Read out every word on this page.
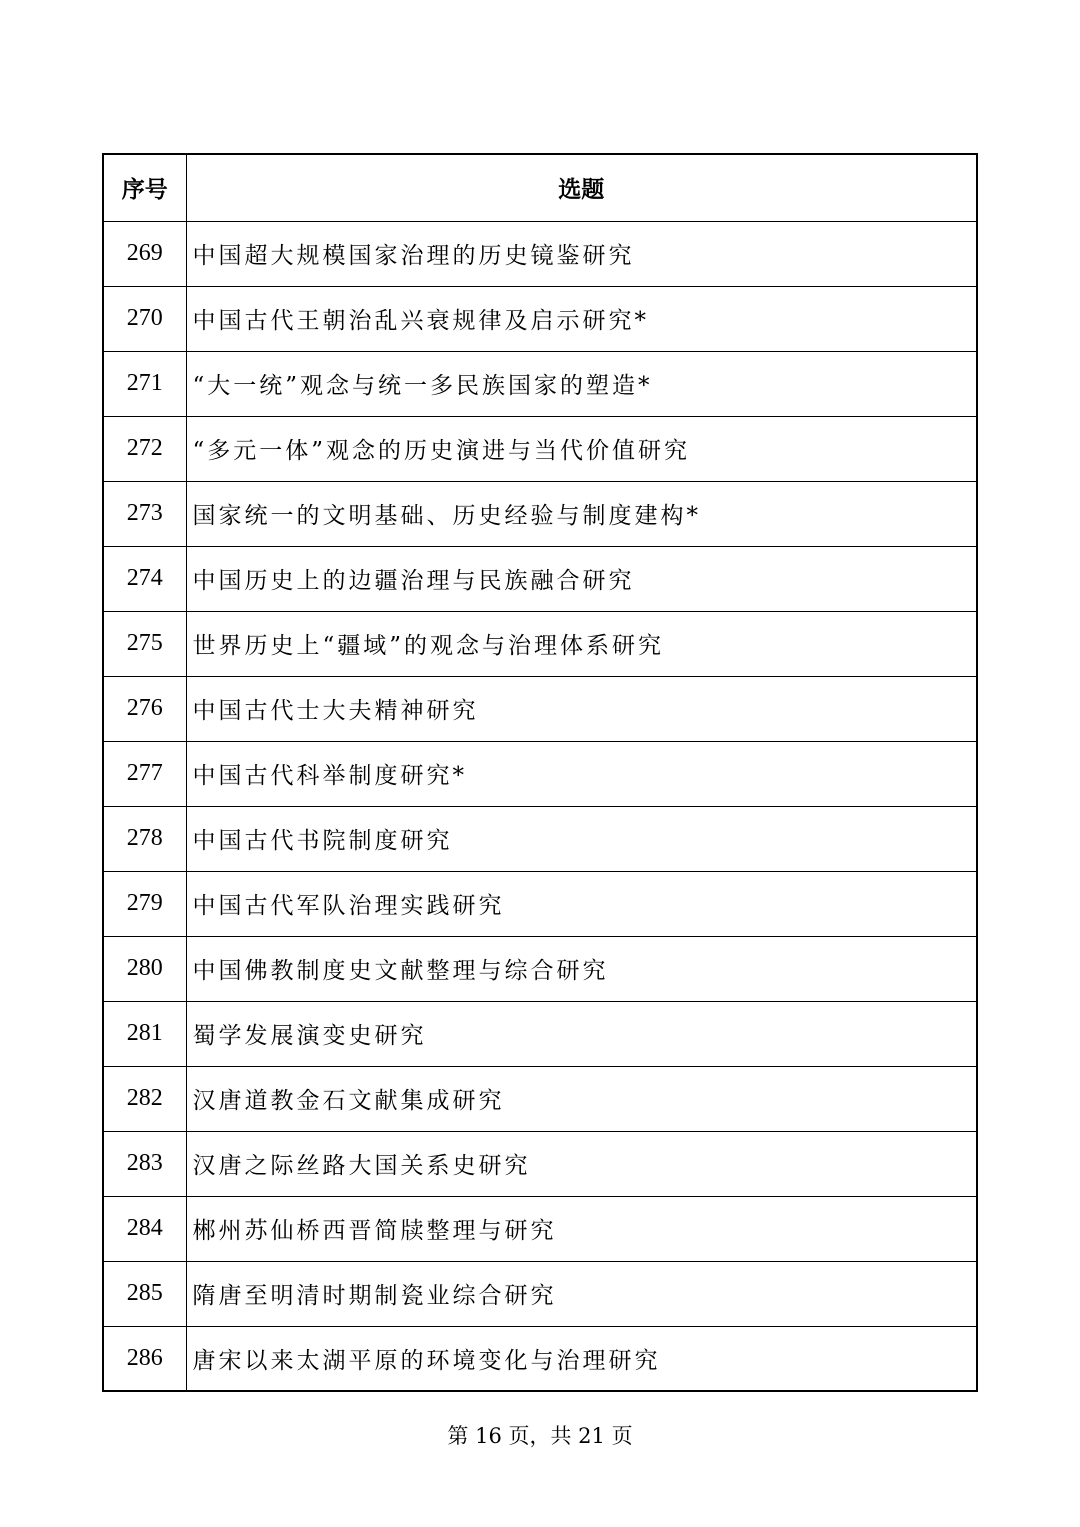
序号	选题
269	中国超大规模国家治理的历史镜鉴研究
270	中国古代王朝治乱兴衰规律及启示研究*
271	“大一统”观念与统一多民族国家的塑造*
272	“多元一体”观念的历史演进与当代价值研究
273	国家统一的文明基础、历史经验与制度建构*
274	中国历史上的边疆治理与民族融合研究
275	世界历史上“疆域”的观念与治理体系研究
276	中国古代士大夫精神研究
277	中国古代科举制度研究*
278	中国古代书院制度研究
279	中国古代军队治理实践研究
280	中国佛教制度史文献整理与综合研究
281	蜀学发展演变史研究
282	汉唐道教金石文献集成研究
283	汉唐之际丝路大国关系史研究
284	郴州苏仙桥西晋简牍整理与研究
285	隋唐至明清时期制瓷业综合研究
286	唐宋以来太湖平原的环境变化与治理研究
第 16 页，共 21 页
